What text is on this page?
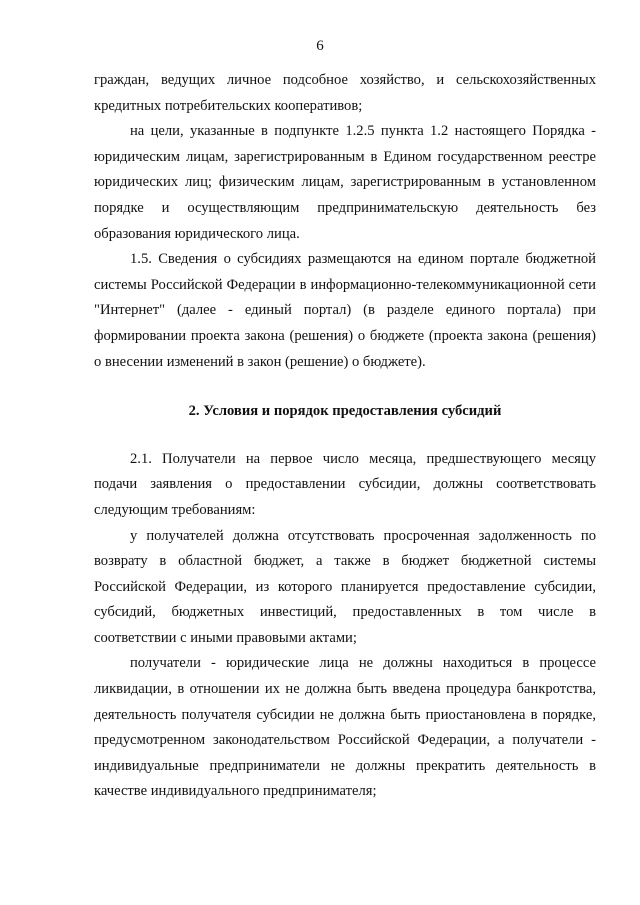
6

граждан, ведущих личное подсобное хозяйство, и сельскохозяйственных кредитных потребительских кооперативов;

на цели, указанные в подпункте 1.2.5 пункта 1.2 настоящего Порядка - юридическим лицам, зарегистрированным в Едином государственном реестре юридических лиц; физическим лицам, зарегистрированным в установленном порядке и осуществляющим предпринимательскую деятельность без образования юридического лица.

1.5. Сведения о субсидиях размещаются на едином портале бюджетной системы Российской Федерации в информационно-телекоммуникационной сети "Интернет" (далее - единый портал) (в разделе единого портала) при формировании проекта закона (решения) о бюджете (проекта закона (решения) о внесении изменений в закон (решение) о бюджете).

2. Условия и порядок предоставления субсидий

2.1. Получатели на первое число месяца, предшествующего месяцу подачи заявления о предоставлении субсидии, должны соответствовать следующим требованиям:

у получателей должна отсутствовать просроченная задолженность по возврату в областной бюджет, а также в бюджет бюджетной системы Российской Федерации, из которого планируется предоставление субсидии, субсидий, бюджетных инвестиций, предоставленных в том числе в соответствии с иными правовыми актами;

получатели - юридические лица не должны находиться в процессе ликвидации, в отношении их не должна быть введена процедура банкротства, деятельность получателя субсидии не должна быть приостановлена в порядке, предусмотренном законодательством Российской Федерации, а получатели - индивидуальные предприниматели не должны прекратить деятельность в качестве индивидуального предпринимателя;
